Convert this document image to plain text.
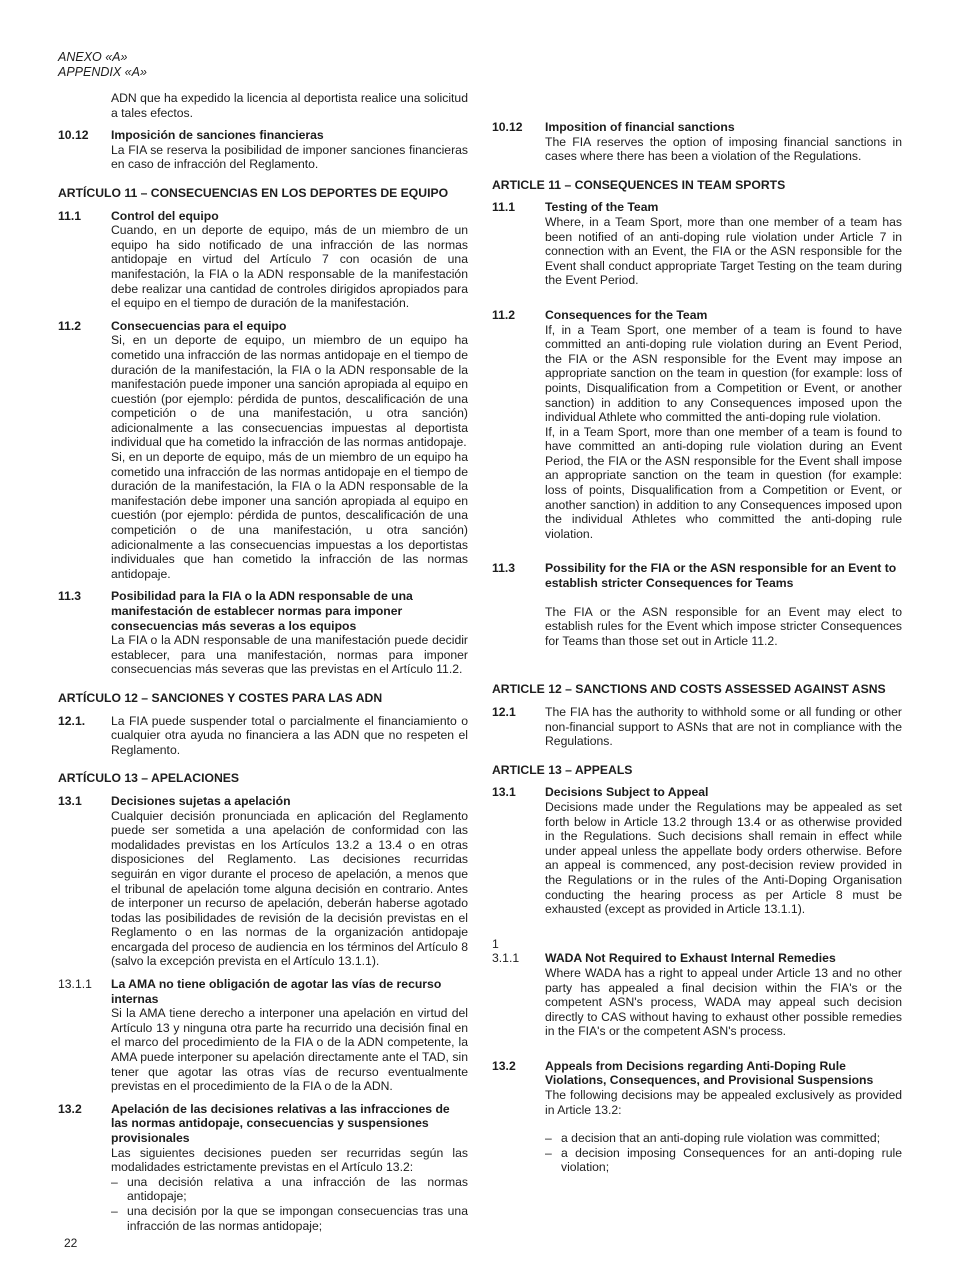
ANEXO «A»
APPENDIX «A»
ADN que ha expedido la licencia al deportista realice una solicitud a tales efectos.
10.12 Imposición de sanciones financieras
La FIA se reserva la posibilidad de imponer sanciones financieras en caso de infracción del Reglamento.
ARTÍCULO 11 – CONSECUENCIAS EN LOS DEPORTES DE EQUIPO
11.1 Control del equipo
Cuando, en un deporte de equipo, más de un miembro de un equipo ha sido notificado de una infracción de las normas antidopaje en virtud del Artículo 7 con ocasión de una manifestación, la FIA o la ADN responsable de la manifestación debe realizar una cantidad de controles dirigidos apropiados para el equipo en el tiempo de duración de la manifestación.
11.2 Consecuencias para el equipo
Si, en un deporte de equipo, un miembro de un equipo ha cometido una infracción de las normas antidopaje en el tiempo de duración de la manifestación, la FIA o la ADN responsable de la manifestación puede imponer una sanción apropiada al equipo en cuestión (por ejemplo: pérdida de puntos, descalificación de una competición o de una manifestación, u otra sanción) adicionalmente a las consecuencias impuestas al deportista individual que ha cometido la infracción de las normas antidopaje.
Si, en un deporte de equipo, más de un miembro de un equipo ha cometido una infracción de las normas antidopaje en el tiempo de duración de la manifestación, la FIA o la ADN responsable de la manifestación debe imponer una sanción apropiada al equipo en cuestión (por ejemplo: pérdida de puntos, descalificación de una competición o de una manifestación, u otra sanción) adicionalmente a las consecuencias impuestas a los deportistas individuales que han cometido la infracción de las normas antidopaje.
11.3 Posibilidad para la FIA o la ADN responsable de una manifestación de establecer normas para imponer consecuencias más severas a los equipos
La FIA o la ADN responsable de una manifestación puede decidir establecer, para una manifestación, normas para imponer consecuencias más severas que las previstas en el Artículo 11.2.
ARTÍCULO 12 – SANCIONES Y COSTES PARA LAS ADN
12.1. La FIA puede suspender total o parcialmente el financiamiento o cualquier otra ayuda no financiera a las ADN que no respeten el Reglamento.
ARTÍCULO 13 – APELACIONES
13.1 Decisiones sujetas a apelación
Cualquier decisión pronunciada en aplicación del Reglamento puede ser sometida a una apelación de conformidad con las modalidades previstas en los Artículos 13.2 a 13.4 o en otras disposiciones del Reglamento. Las decisiones recurridas seguirán en vigor durante el proceso de apelación, a menos que el tribunal de apelación tome alguna decisión en contrario. Antes de interponer un recurso de apelación, deberán haberse agotado todas las posibilidades de revisión de la decisión previstas en el Reglamento o en las normas de la organización antidopaje encargada del proceso de audiencia en los términos del Artículo 8 (salvo la excepción prevista en el Artículo 13.1.1).
13.1.1 La AMA no tiene obligación de agotar las vías de recurso internas
Si la AMA tiene derecho a interponer una apelación en virtud del Artículo 13 y ninguna otra parte ha recurrido una decisión final en el marco del procedimiento de la FIA o de la ADN competente, la AMA puede interponer su apelación directamente ante el TAD, sin tener que agotar las otras vías de recurso eventualmente previstas en el procedimiento de la FIA o de la ADN.
13.2 Apelación de las decisiones relativas a las infracciones de las normas antidopaje, consecuencias y suspensiones provisionales
Las siguientes decisiones pueden ser recurridas según las modalidades estrictamente previstas en el Artículo 13.2:
– una decisión relativa a una infracción de las normas antidopaje;
– una decisión por la que se impongan consecuencias tras una infracción de las normas antidopaje;
10.12 Imposition of financial sanctions
The FIA reserves the option of imposing financial sanctions in cases where there has been a violation of the Regulations.
ARTICLE 11 – CONSEQUENCES IN TEAM SPORTS
11.1 Testing of the Team
Where, in a Team Sport, more than one member of a team has been notified of an anti-doping rule violation under Article 7 in connection with an Event, the FIA or the ASN responsible for the Event shall conduct appropriate Target Testing on the team during the Event Period.
11.2 Consequences for the Team
If, in a Team Sport, one member of a team is found to have committed an anti-doping rule violation during an Event Period, the FIA or the ASN responsible for the Event may impose an appropriate sanction on the team in question (for example: loss of points, Disqualification from a Competition or Event, or another sanction) in addition to any Consequences imposed upon the individual Athlete who committed the anti-doping rule violation.
If, in a Team Sport, more than one member of a team is found to have committed an anti-doping rule violation during an Event Period, the FIA or the ASN responsible for the Event shall impose an appropriate sanction on the team in question (for example: loss of points, Disqualification from a Competition or Event, or another sanction) in addition to any Consequences imposed upon the individual Athletes who committed the anti-doping rule violation.
11.3 Possibility for the FIA or the ASN responsible for an Event to establish stricter Consequences for Teams
The FIA or the ASN responsible for an Event may elect to establish rules for the Event which impose stricter Consequences for Teams than those set out in Article 11.2.
ARTICLE 12 – SANCTIONS AND COSTS ASSESSED AGAINST ASNS
12.1 The FIA has the authority to withhold some or all funding or other non-financial support to ASNs that are not in compliance with the Regulations.
ARTICLE 13 – APPEALS
13.1 Decisions Subject to Appeal
Decisions made under the Regulations may be appealed as set forth below in Article 13.2 through 13.4 or as otherwise provided in the Regulations. Such decisions shall remain in effect while under appeal unless the appellate body orders otherwise. Before an appeal is commenced, any post-decision review provided in the Regulations or in the rules of the Anti-Doping Organisation conducting the hearing process as per Article 8 must be exhausted (except as provided in Article 13.1.1).
1
3.1.1 WADA Not Required to Exhaust Internal Remedies
Where WADA has a right to appeal under Article 13 and no other party has appealed a final decision within the FIA's or the competent ASN's process, WADA may appeal such decision directly to CAS without having to exhaust other possible remedies in the FIA's or the competent ASN's process.
13.2 Appeals from Decisions regarding Anti-Doping Rule Violations, Consequences, and Provisional Suspensions
The following decisions may be appealed exclusively as provided in Article 13.2:
– a decision that an anti-doping rule violation was committed;
– a decision imposing Consequences for an anti-doping rule violation;
22
